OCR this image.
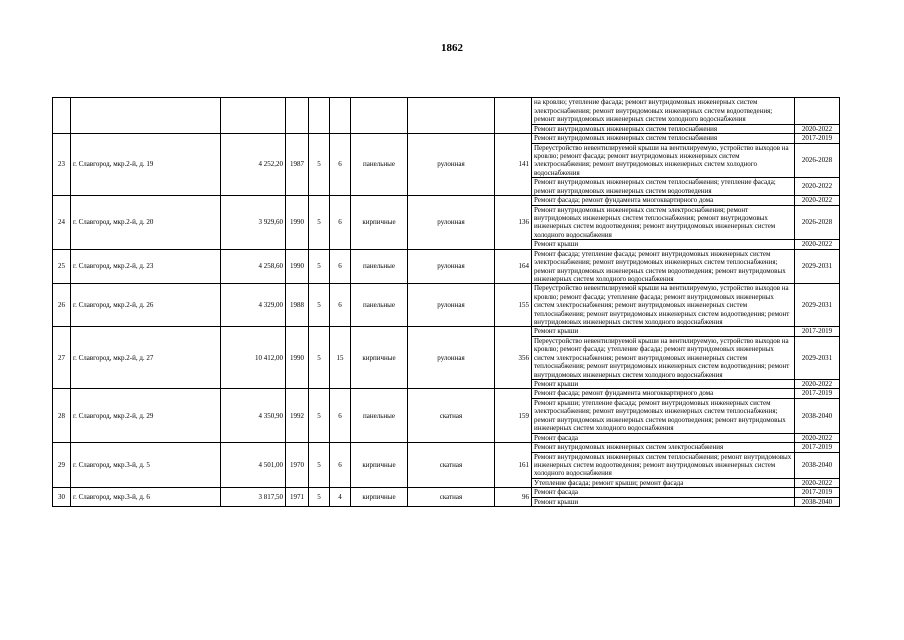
1862
									на кровлю; утепление фасада; ремонт внутридомовых инженерных систем электроснабжения; ремонт внутридомовых инженерных систем водоотведения; ремонт внутридомовых инженерных систем холодного водоснабжения	
									Ремонт внутридомовых инженерных систем теплоснабжения	2020-2022
23	г. Славгород, мкр.2-й, д. 19	4 252,20	1987	5	6	панельные	рулонная	141	Ремонт внутридомовых инженерных систем теплоснабжения	2017-2019
									Переустройство невентилируемой крыши на вентилируемую, устройство выходов на кровлю; ремонт фасада; ремонт внутридомовых инженерных систем электроснабжения; ремонт внутридомовых инженерных систем холодного водоснабжения	2026-2028
									Ремонт внутридомовых инженерных систем теплоснабжения; утепление фасада; ремонт внутридомовых инженерных систем водоотведения	2020-2022
24	г. Славгород, мкр.2-й, д. 20	3 929,60	1990	5	6	кирпичные	рулонная	136	Ремонт фасада; ремонт фундамента многоквартирного дома	2020-2022
									Ремонт внутридомовых инженерных систем электроснабжения; ремонт внутридомовых инженерных систем теплоснабжения; ремонт внутридомовых инженерных систем водоотведения; ремонт внутридомовых инженерных систем холодного водоснабжения	2026-2028
									Ремонт крыши	2020-2022
25	г. Славгород, мкр.2-й, д. 23	4 258,60	1990	5	6	панельные	рулонная	164	Ремонт фасада; утепление фасада; ремонт внутридомовых инженерных систем электроснабжения; ремонт внутридомовых инженерных систем теплоснабжения; ремонт внутридомовых инженерных систем водоотведения; ремонт внутридомовых инженерных систем холодного водоснабжения	2029-2031
26	г. Славгород, мкр.2-й, д. 26	4 329,00	1988	5	6	панельные	рулонная	155	Переустройство невентилируемой крыши на вентилируемую, устройство выходов на кровлю; ремонт фасада; утепление фасада; ремонт внутридомовых инженерных систем электроснабжения; ремонт внутридомовых инженерных систем теплоснабжения; ремонт внутридомовых инженерных систем водоотведения; ремонт внутридомовых инженерных систем холодного водоснабжения	2029-2031
27	г. Славгород, мкр.2-й, д. 27	10 412,00	1990	5	15	кирпичные	рулонная	356	Ремонт крыши	2017-2019
									Переустройство невентилируемой крыши на вентилируемую, устройство выходов на кровлю; ремонт фасада; утепление фасада; ремонт внутридомовых инженерных систем электроснабжения; ремонт внутридомовых инженерных систем теплоснабжения; ремонт внутридомовых инженерных систем водоотведения; ремонт внутридомовых инженерных систем холодного водоснабжения	2029-2031
									Ремонт крыши	2020-2022
28	г. Славгород, мкр.2-й, д. 29	4 350,90	1992	5	6	панельные	скатная	159	Ремонт фасада; ремонт фундамента многоквартирного дома	2017-2019
									Ремонт крыши; утепление фасада; ремонт внутридомовых инженерных систем электроснабжения; ремонт внутридомовых инженерных систем теплоснабжения; ремонт внутридомовых инженерных систем водоотведения; ремонт внутридомовых инженерных систем холодного водоснабжения	2038-2040
									Ремонт фасада	2020-2022
29	г. Славгород, мкр.3-й, д. 5	4 501,00	1970	5	6	кирпичные	скатная	161	Ремонт внутридомовых инженерных систем электроснабжения	2017-2019
									Ремонт внутридомовых инженерных систем теплоснабжения; ремонт внутридомовых инженерных систем водоотведения; ремонт внутридомовых инженерных систем холодного водоснабжения	2038-2040
									Утепление фасада; ремонт крыши; ремонт фасада	2020-2022
30	г. Славгород, мкр.3-й, д. 6	3 817,50	1971	5	4	кирпичные	скатная	96	Ремонт фасада	2017-2019
									Ремонт крыши	2038-2040
